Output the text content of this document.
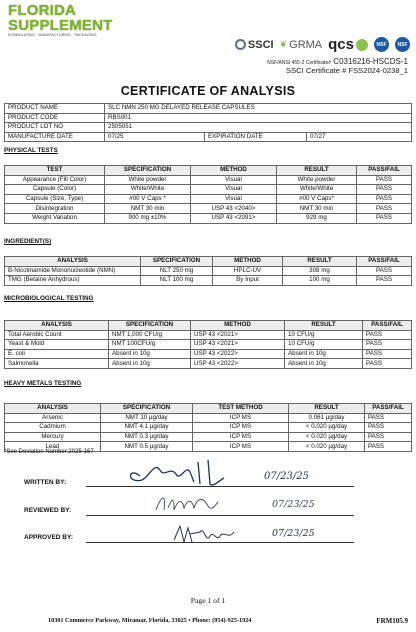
FLORIDA
SUPPLEMENT
FORMULATING · MANUFACTURING · PACKAGING
SSCI ❦ GRMA qcs	NSF	NSF
NSF/ANSI 455-2 Certificate# C0316216-HSCDS-1
SSCI Certificate # FSS2024-0238_1
CERTIFICATE OF ANALYSIS
PRODUCT NAME	SLC NMN 250 MG DELAYED RELEASE CAPSULES		
PRODUCT CODE	RBS001		
PRODUCT LOT NO	2505051		
MANUFACTURE DATE	07/25	EXPIRATION DATE	07/27
PHYSICAL TESTS
TEST	SPECIFICATION	METHOD	RESULT	PASS/FAIL
Appearance (Fill Color)	White powder	Visual	White powder	PASS
Capsule (Color)	White/White	Visual	White/White	PASS
Capsule (Size, Type)	#00 V Caps *	Visual	#00 V Caps*	PASS
Disintegration	NMT 30 min	USP 43 <2040>	NMT 30 min	PASS
Weight Variation	900 mg ±10%	USP 43 <2091>	929 mg	PASS
INGREDIENT(S)
ANALYSIS	SPECIFICATION	METHOD	RESULT	PASS/FAIL
B-Nicotinamide Mononucleotide (NMN)	NLT 250 mg	HPLC-UV	308 mg	PASS
TMG (Betaine Anhydrous)	NLT 100 mg	By Input	100 mg	PASS
MICROBIOLOGICAL TESTING
ANALYSIS	SPECIFICATION	METHOD	RESULT	PASS/FAIL
Total Aerobic Count	NMT 1,000 CFU/g	USP 43 <2021>	10 CFU/g	PASS
Yeast & Mold	NMT 100CFU/g	USP 43 <2021>	10 CFU/g	PASS
E. coli	Absent in 10g	USP 43 <2022>	Absent in 10g	PASS
Salmonella	Absent in 10g	USP 43 <2022>	Absent in 10g	PASS
HEAVY METALS TESTING
ANALYSIS	SPECIFICATION	TEST METHOD	RESULT	PASS/FAIL
Arsenic	NMT 10 µg/day	ICP MS	0.061 µg/day	PASS
Cadmium	NMT 4.1 µg/day	ICP MS	< 0.020 µg/day	PASS
Mercury	NMT 0.3 µg/day	ICP MS	< 0.020 µg/day	PASS
Lead	NMT 0.5 µg/day	ICP MS	< 0.020 µg/day	PASS
*See Deviation Number:2025-167
WRITTEN BY:
07/23/25
REVIEWED BY:
07/23/25
APPROVED BY:	07/23/25
Page 1 of 1
10301 Commerce Parkway, Miramar, Florida, 33025 • Phone: (954)-925-1924	FRM105.9
